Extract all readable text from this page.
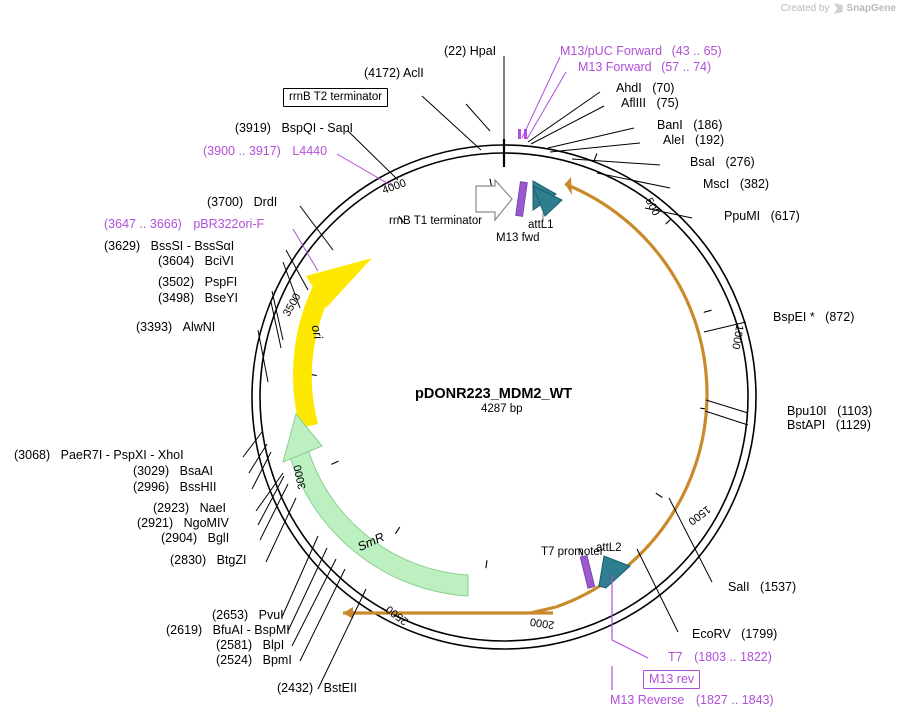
Created by SnapGene
pDONR223_MDM2_WT
4287 bp
500
1000
1500
2000
2500
3000
3500
4000
ori
SmR
attL1
attL2
M13 fwd
T7 promoter
rrnB T1 terminator
rrnB T2 terminator
(22) HpaI
(4172) AclI
M13/pUC Forward (43 .. 65)
M13 Forward (57 .. 74)
AhdI (70)
AflIII (75)
BanI (186)
AleI (192)
BsaI (276)
MscI (382)
PpuMI (617)
BspEI * (872)
Bpu10I (1103)
BstAPI (1129)
SalI (1537)
EcoRV (1799)
T7 (1803 .. 1822)
M13 rev
M13 Reverse (1827 .. 1843)
(3919) BspQI - SapI
(3900 .. 3917) L4440
(3700) DrdI
(3647 .. 3666) pBR322ori-F
(3629) BssSI - BssSαI
(3604) BciVI
(3502) PspFI
(3498) BseYI
(3393) AlwNI
(3068) PaeR7I - PspXI - XhoI
(3029) BsaAI
(2996) BssHII
(2923) NaeI
(2921) NgoMIV
(2904) BglI
(2830) BtgZI
(2653) PvuI
(2619) BfuAI - BspMI
(2581) BlpI
(2524) BpmI
(2432) BstEII
